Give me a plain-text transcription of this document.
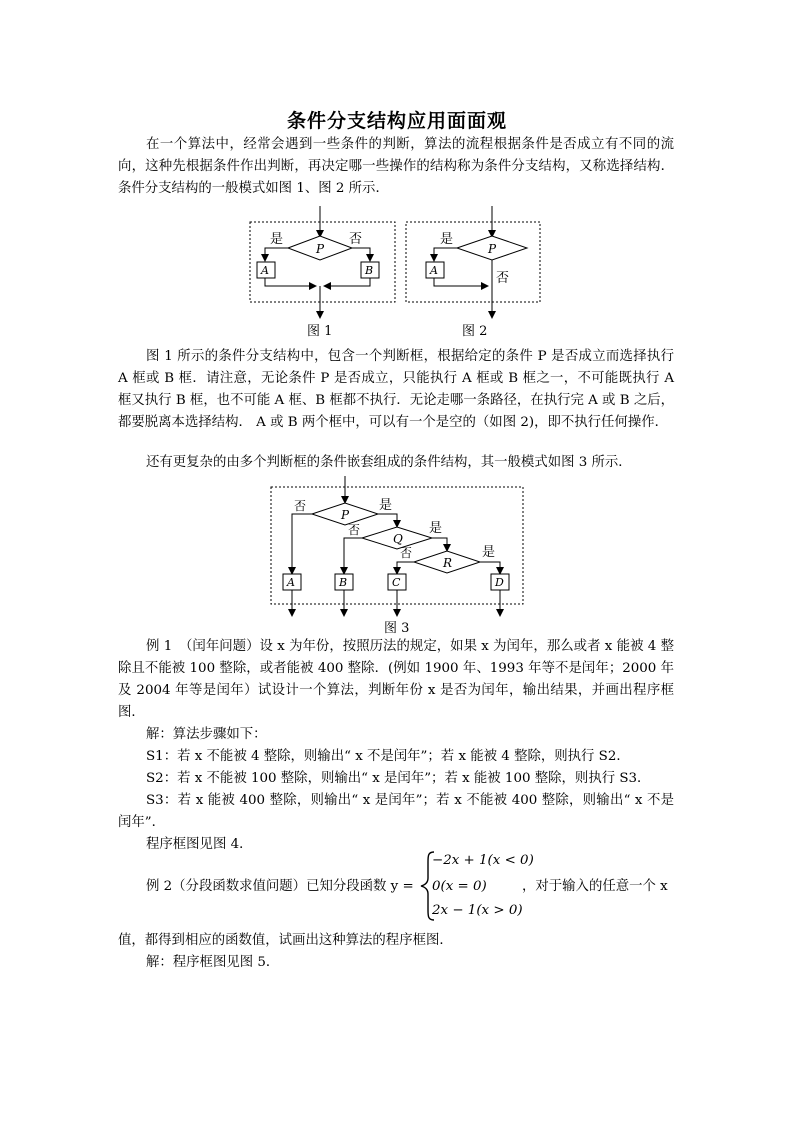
条件分支结构应用面面观
在一个算法中，经常会遇到一些条件的判断，算法的流程根据条件是否成立有不同的流向，这种先根据条件作出判断，再决定哪一些操作的结构称为条件分支结构，又称选择结构．条件分支结构的一般模式如图 1、图 2 所示．
P
是	否
A	B
图 1
P
是
A
否
图 2
图 1 所示的条件分支结构中，包含一个判断框，根据给定的条件 P 是否成立而选择执行 A 框或 B 框．请注意，无论条件 P 是否成立，只能执行 A 框或 B 框之一，不可能既执行 A 框又执行 B 框，也不可能 A 框、B 框都不执行．无论走哪一条路径，在执行完 A 或 B 之后，都要脱离本选择结构． A 或 B 两个框中，可以有一个是空的（如图 2)，即不执行任何操作．
还有更复杂的由多个判断框的条件嵌套组成的条件结构，其一般模式如图 3 所示．
P
否	是
Q
否	是
R
否	是
A	B	C	D
图 3
例 1　（闰年问题）设 x 为年份，按照历法的规定，如果 x 为闰年，那么或者 x 能被 4 整除且不能被 100 整除，或者能被 400 整除．(例如 1900 年、1993 年等不是闰年；2000 年及 2004 年等是闰年）试设计一个算法，判断年份 x 是否为闰年，输出结果，并画出程序框图．
解：算法步骤如下：
S1：若 x 不能被 4 整除，则输出“ x 不是闰年”；若 x 能被 4 整除，则执行 S2．
S2：若 x 不能被 100 整除，则输出“ x 是闰年”；若 x 能被 100 整除，则执行 S3．
S3：若 x 能被 400 整除，则输出“ x 是闰年”；若 x 不能被 400 整除，则输出“ x 不是闰年”．
程序框图见图 4．
例 2（分段函数求值问题）已知分段函数 y =
−2x + 1(x < 0)
0(x = 0)
2x − 1(x > 0)
，对于输入的任意一个 x
值，都得到相应的函数值，试画出这种算法的程序框图．
解：程序框图见图 5．
